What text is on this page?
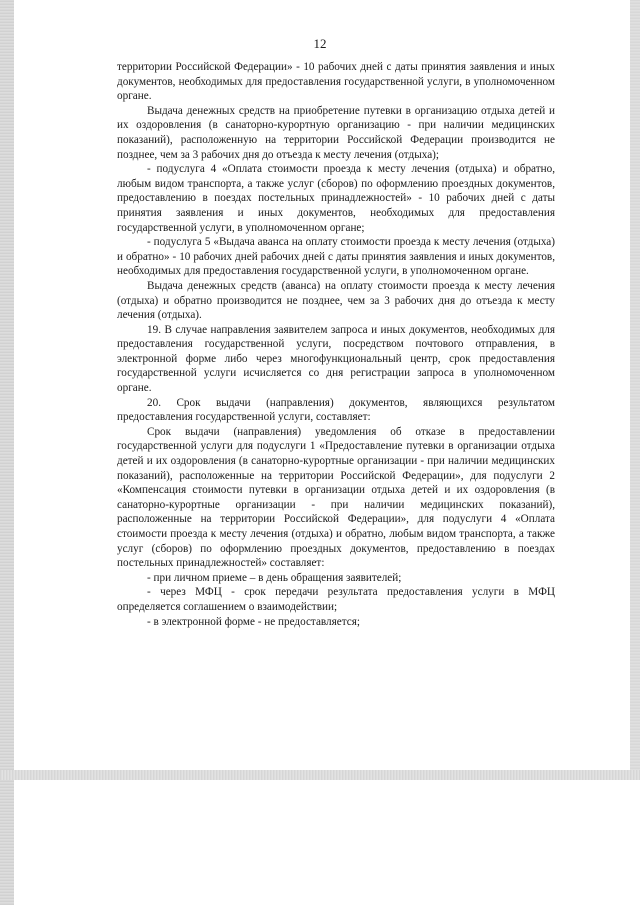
12

территории Российской Федерации» - 10 рабочих дней с даты принятия заявления и иных документов, необходимых для предоставления государственной услуги, в уполномоченном органе.

Выдача денежных средств на приобретение путевки в организацию отдыха детей и их оздоровления (в санаторно-курортную организацию - при наличии медицинских показаний), расположенную на территории Российской Федерации производится не позднее, чем за 3 рабочих дня до отъезда к месту лечения (отдыха);

- подуслуга 4 «Оплата стоимости проезда к месту лечения (отдыха) и обратно, любым видом транспорта, а также услуг (сборов) по оформлению проездных документов, предоставлению в поездах постельных принадлежностей» - 10 рабочих дней с даты принятия заявления и иных документов, необходимых для предоставления государственной услуги, в уполномоченном органе;

- подуслуга 5 «Выдача аванса на оплату стоимости проезда к месту лечения (отдыха) и обратно» - 10 рабочих дней рабочих дней с даты принятия заявления и иных документов, необходимых для предоставления государственной услуги, в уполномоченном органе.

Выдача денежных средств (аванса) на оплату стоимости проезда к месту лечения (отдыха) и обратно производится не позднее, чем за 3 рабочих дня до отъезда к месту лечения (отдыха).

19. В случае направления заявителем запроса и иных документов, необходимых для предоставления государственной услуги, посредством почтового отправления, в электронной форме либо через многофункциональный центр, срок предоставления государственной услуги исчисляется со дня регистрации запроса в уполномоченном органе.

20. Срок выдачи (направления) документов, являющихся результатом предоставления государственной услуги, составляет:

Срок выдачи (направления) уведомления об отказе в предоставлении государственной услуги для подуслуги 1 «Предоставление путевки в организации отдыха детей и их оздоровления (в санаторно-курортные организации - при наличии медицинских показаний), расположенные на территории Российской Федерации», для подуслуги 2 «Компенсация стоимости путевки в организации отдыха детей и их оздоровления (в санаторно-курортные организации - при наличии медицинских показаний), расположенные на территории Российской Федерации», для подуслуги 4 «Оплата стоимости проезда к месту лечения (отдыха) и обратно, любым видом транспорта, а также услуг (сборов) по оформлению проездных документов, предоставлению в поездах постельных принадлежностей» составляет:

- при личном приеме – в день обращения заявителей;

- через МФЦ - срок передачи результата предоставления услуги в МФЦ определяется соглашением о взаимодействии;

- в электронной форме - не предоставляется;
